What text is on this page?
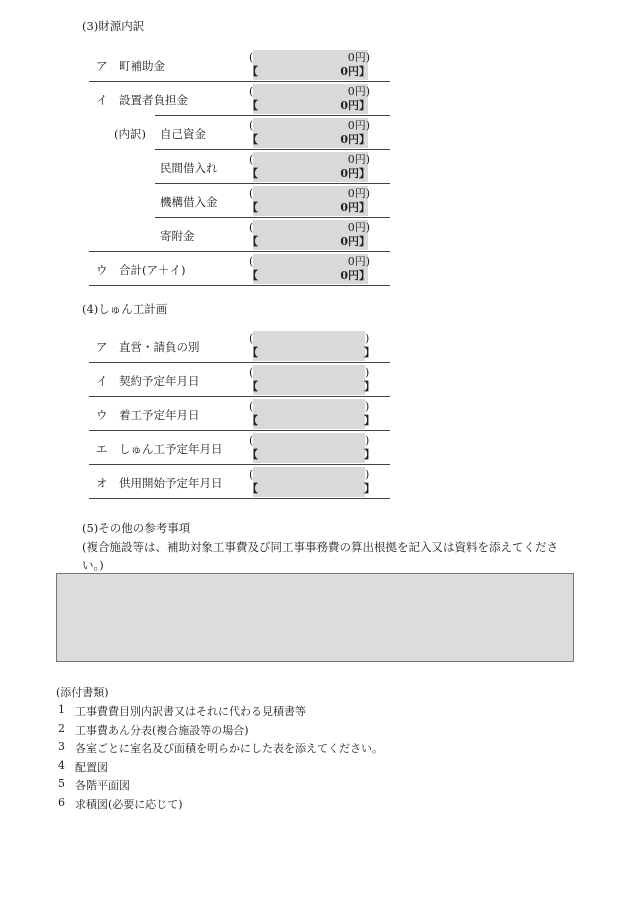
(3)財源内訳
ア　町補助金
(
【
0円)
0円】
イ　設置者負担金
(
【
0円)
0円】
自己資金
(内訳)
(
【
0円)
0円】
民間借入れ
(
【
0円)
0円】
機構借入金
(
【
0円)
0円】
寄附金
(
【
0円)
0円】
ウ　合計(ア＋イ)
(
【
0円)
0円】
(4)しゅん工計画
ア　直営・請負の別
(
【
)
】
イ　契約予定年月日
(
【
)
】
ウ　着工予定年月日
(
【
)
】
エ　しゅん工予定年月日
(
【
)
】
オ　供用開始予定年月日
(
【
)
】
(5)その他の参考事項
(複合施設等は、補助対象工事費及び同工事事務費の算出根拠を記入又は資料を添えてくださ
い。)
(添付書類)
1 工事費費目別内訳書又はそれに代わる見積書等
2 工事費あん分表(複合施設等の場合)
3 各室ごとに室名及び面積を明らかにした表を添えてください。
4 配置図
5 各階平面図
6 求積図(必要に応じて)
